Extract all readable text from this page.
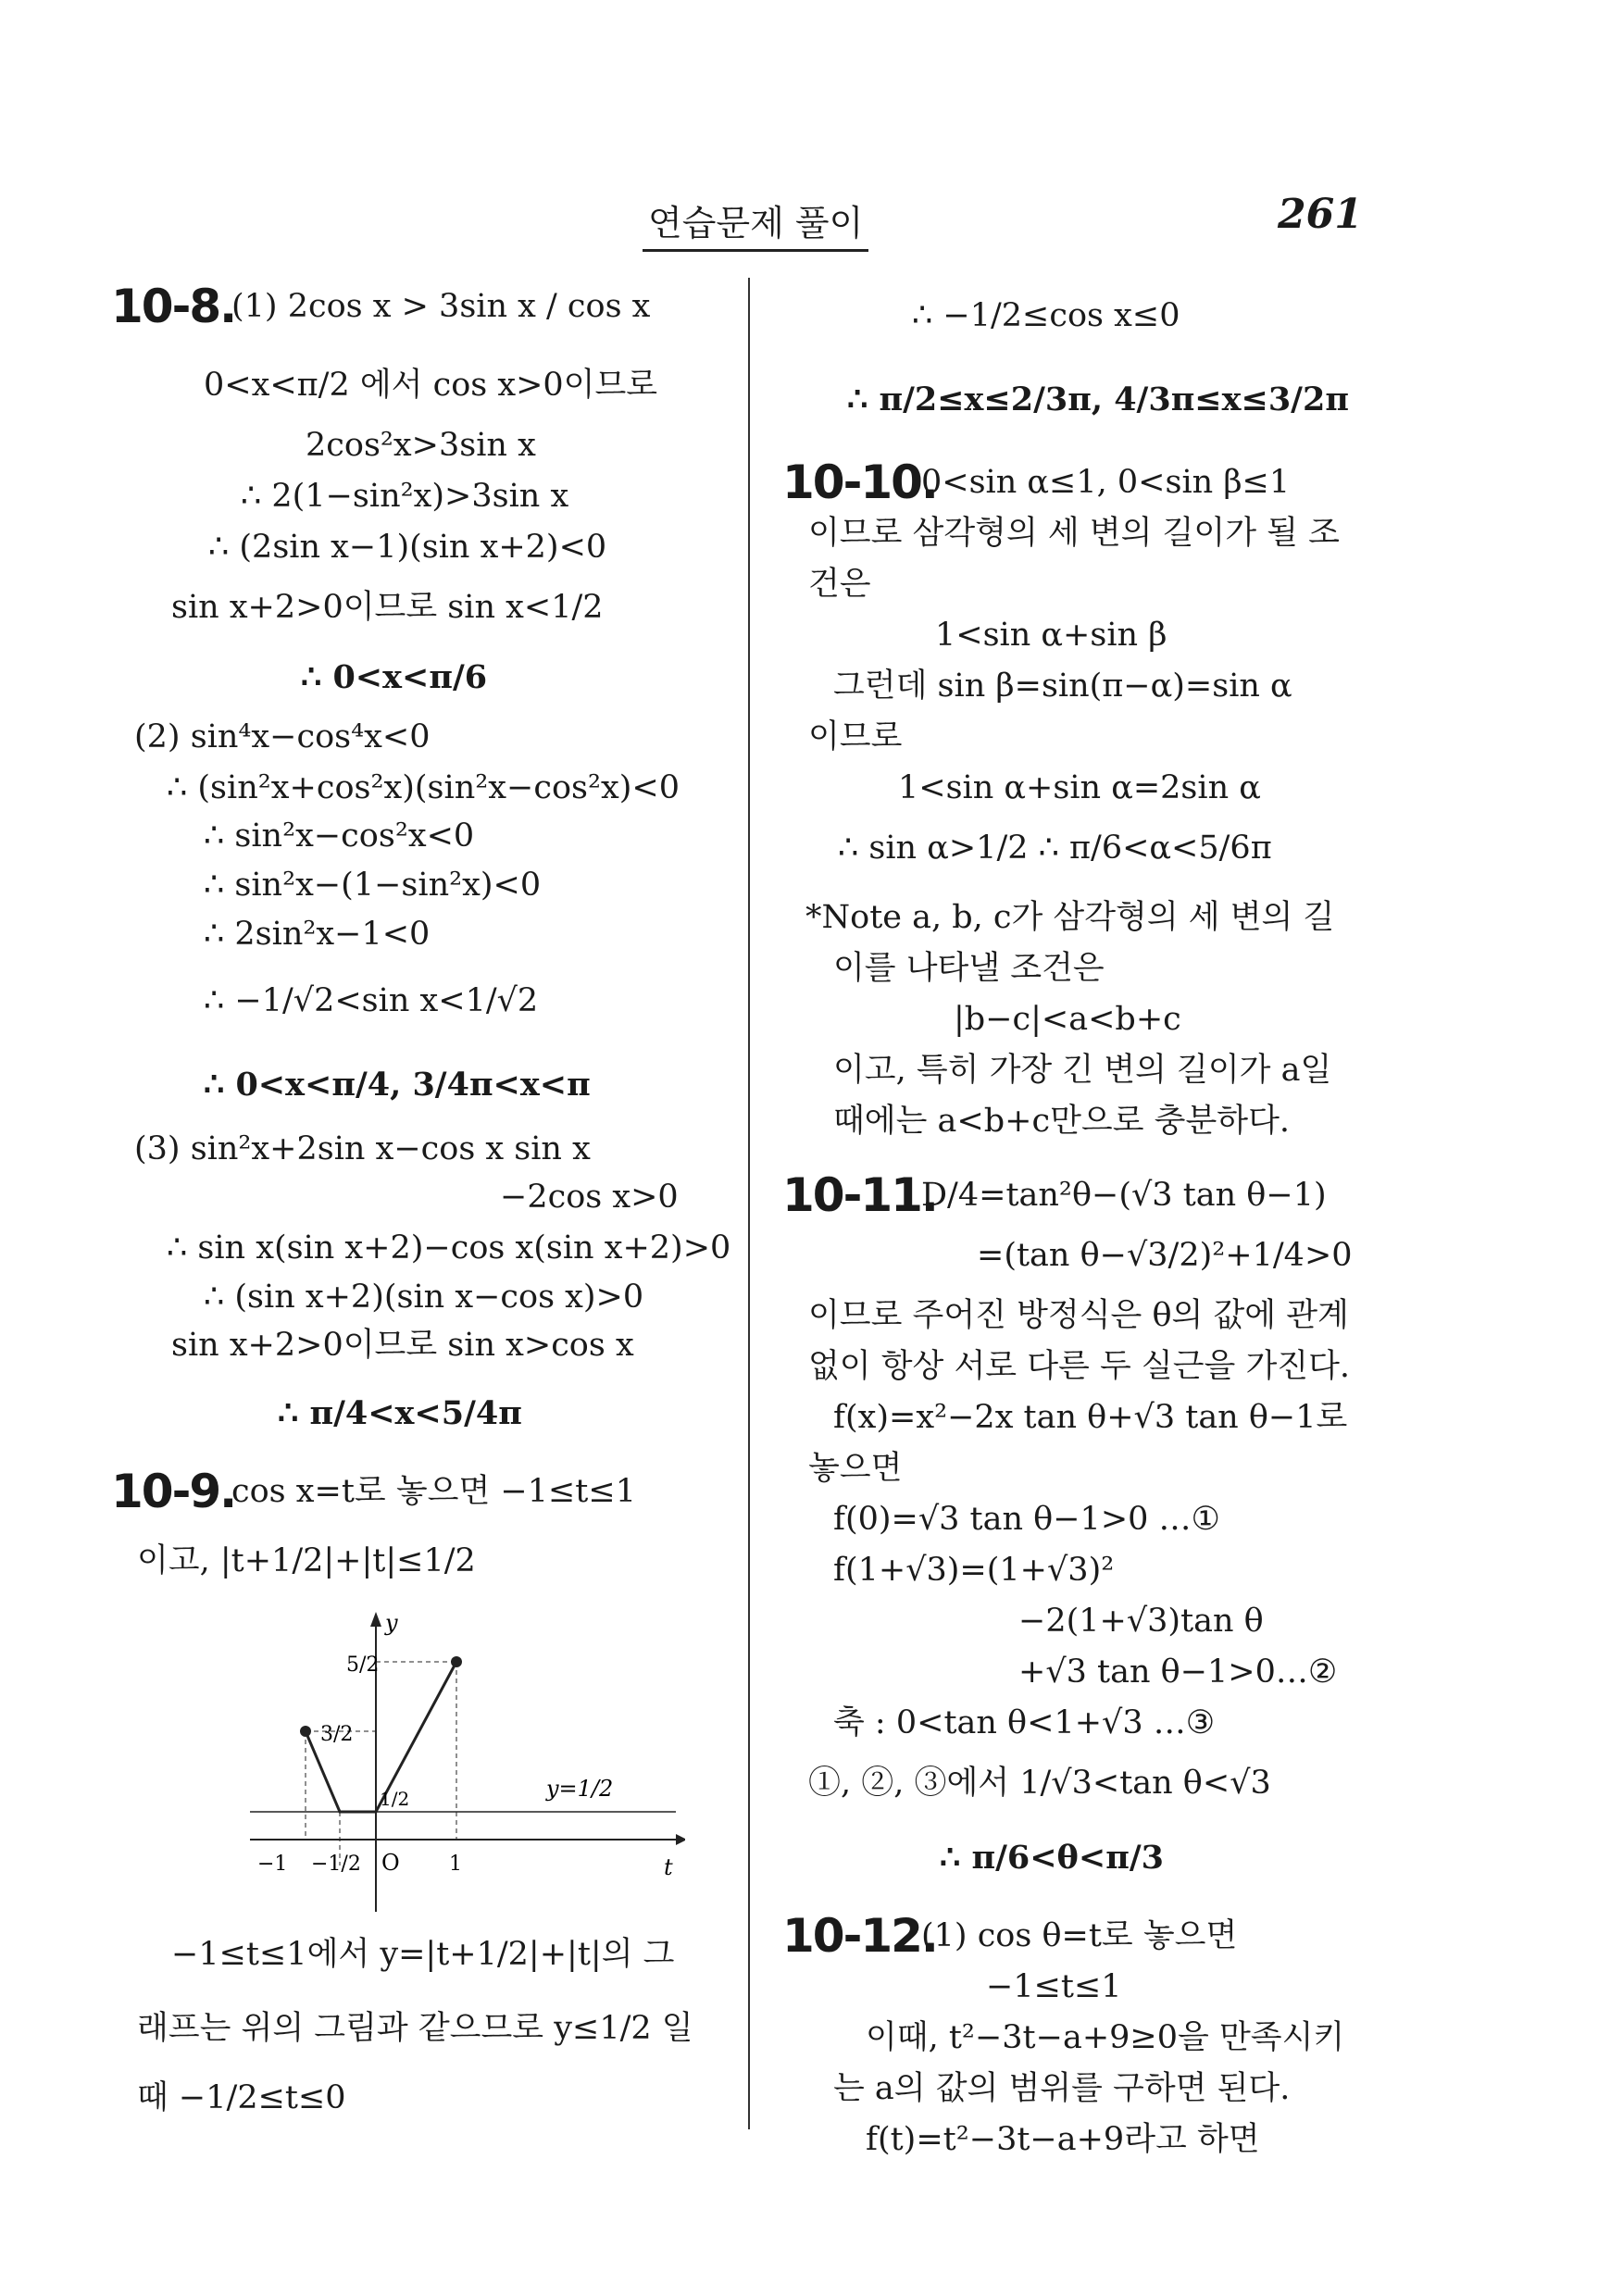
연습문제 풀이	261
10-8.
(1) 2cos x > 3sin x / cos x
0<x<π/2 에서 cos x>0이므로
2cos²x>3sin x
∴ 2(1−sin²x)>3sin x
∴ (2sin x−1)(sin x+2)<0
sin x+2>0이므로 sin x<1/2
∴ 0<x<π/6
(2) sin⁴x−cos⁴x<0
∴ (sin²x+cos²x)(sin²x−cos²x)<0
∴ sin²x−cos²x<0
∴ sin²x−(1−sin²x)<0
∴ 2sin²x−1<0
∴ −1/√2<sin x<1/√2
∴ 0<x<π/4, 3/4π<x<π
(3) sin²x+2sin x−cos x sin x
−2cos x>0
∴ sin x(sin x+2)−cos x(sin x+2)>0
∴ (sin x+2)(sin x−cos x)>0
sin x+2>0이므로 sin x>cos x
∴ π/4<x<5/4π
10-9.
cos x=t로 놓으면 −1≤t≤1
이고, |t+1/2|+|t|≤1/2
y
t
O
5/2
3/2
1/2
−1 −1/2	1
y=1/2
−1≤t≤1에서 y=|t+1/2|+|t|의 그
래프는 위의 그림과 같으므로 y≤1/2 일
때 −1/2≤t≤0
∴ −1/2≤cos x≤0
∴ π/2≤x≤2/3π, 4/3π≤x≤3/2π
10-10.
0<sin α≤1, 0<sin β≤1
이므로 삼각형의 세 변의 길이가 될 조
건은
1<sin α+sin β
그런데 sin β=sin(π−α)=sin α
이므로
1<sin α+sin α=2sin α
∴ sin α>1/2 ∴ π/6<α<5/6π
*Note a, b, c가 삼각형의 세 변의 길
이를 나타낼 조건은
|b−c|<a<b+c
이고, 특히 가장 긴 변의 길이가 a일
때에는 a<b+c만으로 충분하다.
10-11.
D/4=tan²θ−(√3 tan θ−1)
=(tan θ−√3/2)²+1/4>0
이므로 주어진 방정식은 θ의 값에 관계
없이 항상 서로 다른 두 실근을 가진다.
f(x)=x²−2x tan θ+√3 tan θ−1로
놓으면
f(0)=√3 tan θ−1>0 …①
f(1+√3)=(1+√3)²
−2(1+√3)tan θ
+√3 tan θ−1>0…②
축 : 0<tan θ<1+√3 …③
①, ②, ③에서 1/√3<tan θ<√3
∴ π/6<θ<π/3
10-12.
(1) cos θ=t로 놓으면
−1≤t≤1
이때, t²−3t−a+9≥0을 만족시키
는 a의 값의 범위를 구하면 된다.
f(t)=t²−3t−a+9라고 하면
